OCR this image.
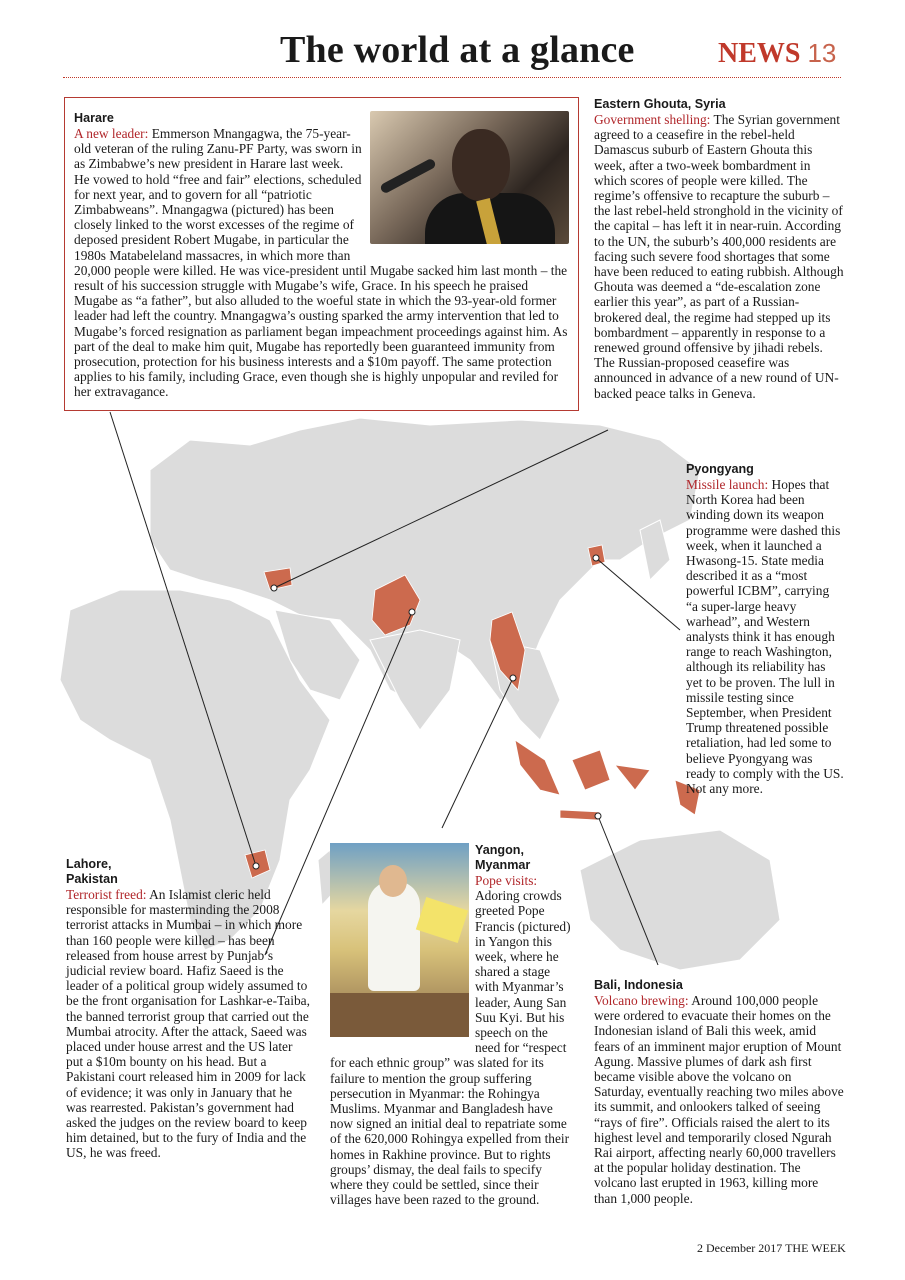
The world at a glance	NEWS 13

Harare

A new leader: Emmerson Mnangagwa, the 75-year-old veteran of the ruling Zanu-PF Party, was sworn in as Zimbabwe’s new president in Harare last week. He vowed to hold “free and fair” elections, scheduled for next year, and to govern for all “patriotic Zimbabweans”. Mnangagwa (pictured) has been closely linked to the worst excesses of the regime of deposed president Robert Mugabe, in particular the 1980s Matabeleland massacres, in which more than 20,000 people were killed. He was vice-president until Mugabe sacked him last month – the result of his succession struggle with Mugabe’s wife, Grace. In his speech he praised Mugabe as “a father”, but also alluded to the woeful state in which the 93-year-old former leader had left the country. Mnangagwa’s ousting sparked the army intervention that led to Mugabe’s forced resignation as parliament began impeachment proceedings against him. As part of the deal to make him quit, Mugabe has reportedly been guaranteed immunity from prosecution, protection for his business interests and a $10m payoff. The same protection applies to his family, including Grace, even though she is highly unpopular and reviled for her extravagance.

Eastern Ghouta, Syria

Government shelling: The Syrian government agreed to a ceasefire in the rebel-held Damascus suburb of Eastern Ghouta this week, after a two-week bombardment in which scores of people were killed. The regime’s offensive to recapture the suburb – the last rebel-held stronghold in the vicinity of the capital – has left it in near-ruin. According to the UN, the suburb’s 400,000 residents are facing such severe food shortages that some have been reduced to eating rubbish. Although Ghouta was deemed a “de-escalation zone earlier this year”, as part of a Russian-brokered deal, the regime had stepped up its bombardment – apparently in response to a renewed ground offensive by jihadi rebels. The Russian-proposed ceasefire was announced in advance of a new round of UN-backed peace talks in Geneva.

Pyongyang

Missile launch: Hopes that North Korea had been winding down its weapon programme were dashed this week, when it launched a Hwasong-15. State media described it as a “most powerful ICBM”, carrying “a super-large heavy warhead”, and Western analysts think it has enough range to reach Washington, although its reliability has yet to be proven. The lull in missile testing since September, when President Trump threatened possible retaliation, had led some to believe Pyongyang was ready to comply with the US. Not any more.

Lahore, Pakistan

Terrorist freed: An Islamist cleric held responsible for masterminding the 2008 terrorist attacks in Mumbai – in which more than 160 people were killed – has been released from house arrest by Punjab’s judicial review board. Hafiz Saeed is the leader of a political group widely assumed to be the front organisation for Lashkar-e-Taiba, the banned terrorist group that carried out the Mumbai atrocity. After the attack, Saeed was placed under house arrest and the US later put a $10m bounty on his head. But a Pakistani court released him in 2009 for lack of evidence; it was only in January that he was rearrested. Pakistan’s government had asked the judges on the review board to keep him detained, but to the fury of India and the US, he was freed.

Yangon, Myanmar

Pope visits: Adoring crowds greeted Pope Francis (pictured) in Yangon this week, where he shared a stage with Myanmar’s leader, Aung San Suu Kyi. But his speech on the need for “respect for each ethnic group” was slated for its failure to mention the group suffering persecution in Myanmar: the Rohingya Muslims. Myanmar and Bangladesh have now signed an initial deal to repatriate some of the 620,000 Rohingya expelled from their homes in Rakhine province. But to rights groups’ dismay, the deal fails to specify where they could be settled, since their villages have been razed to the ground.

Bali, Indonesia

Volcano brewing: Around 100,000 people were ordered to evacuate their homes on the Indonesian island of Bali this week, amid fears of an imminent major eruption of Mount Agung. Massive plumes of dark ash first became visible above the volcano on Saturday, eventually reaching two miles above its summit, and onlookers talked of seeing “rays of fire”. Officials raised the alert to its highest level and temporarily closed Ngurah Rai airport, affecting nearly 60,000 travellers at the popular holiday destination. The volcano last erupted in 1963, killing more than 1,000 people.

2 December 2017 THE WEEK
